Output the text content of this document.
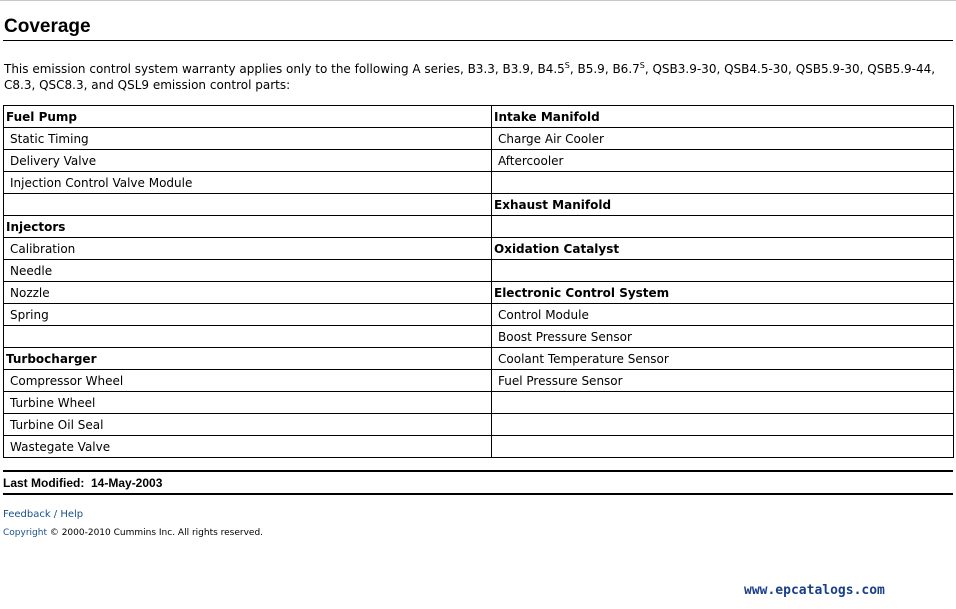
Coverage

This emission control system warranty applies only to the following A series, B3.3, B3.9, $B4.5^S$, B5.9, $B6.7^S$, QSB3.9-30, QSB4.5-30, QSB5.9-30, QSB5.9-44, C8.3, QSC8.3, and QSL9 emission control parts:

Fuel Pump	Intake Manifold
Static Timing	Charge Air Cooler
Delivery Valve	Aftercooler
Injection Control Valve Module	
	Exhaust Manifold
Injectors	
Calibration	Oxidation Catalyst
Needle	
Nozzle	Electronic Control System
Spring	Control Module
	Boost Pressure Sensor
Turbocharger	Coolant Temperature Sensor
Compressor Wheel	Fuel Pressure Sensor
Turbine Wheel	
Turbine Oil Seal	
Wastegate Valve	
Last Modified: 14-May-2003
Feedback / Help
Copyright © 2000-2010 Cummins Inc. All rights reserved.
www.epcatalogs.com
